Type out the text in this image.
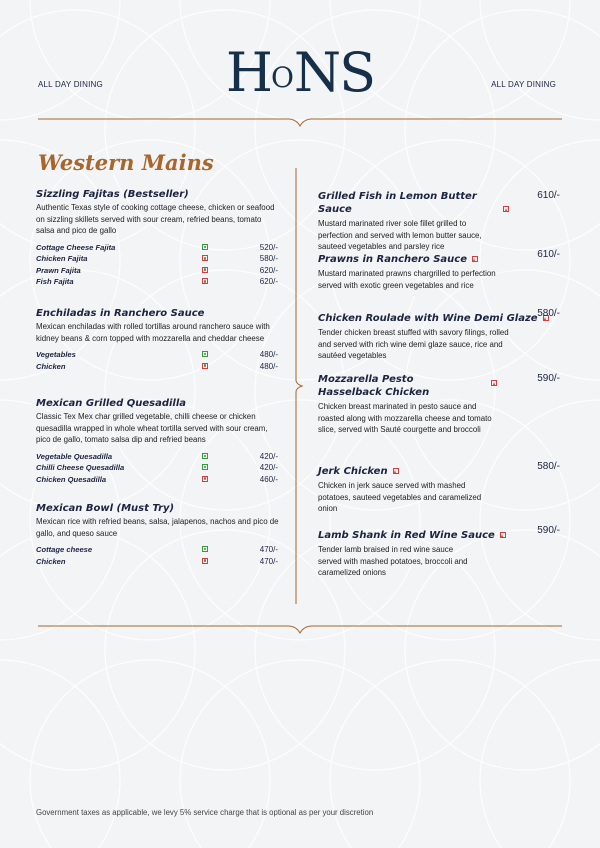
HONS
ALL DAY DINING	ALL DAY DINING
Western Mains
Sizzling Fajitas (Bestseller)
Authentic Texas style of cooking cottage cheese, chicken or seafood on sizzling skillets served with sour cream, refried beans, tomato salsa and pico de gallo
Cottage Cheese Fajita	520/-
Chicken Fajita	580/-
Prawn Fajita	620/-
Fish Fajita	620/-
Enchiladas in Ranchero Sauce
Mexican enchiladas with rolled tortillas around ranchero sauce with kidney beans & corn topped with mozzarella and cheddar cheese
Vegetables	480/-
Chicken	480/-
Mexican Grilled Quesadilla
Classic Tex Mex char grilled vegetable, chilli cheese or chicken quesadilla wrapped in whole wheat tortilla served with sour cream, pico de gallo, tomato salsa dip and refried beans
Vegetable Quesadilla	420/-
Chilli Cheese Quesadilla	420/-
Chicken Quesadilla	460/-
Mexican Bowl (Must Try)
Mexican rice with refried beans, salsa, jalapenos, nachos and pico de gallo, and queso sauce
Cottage cheese	470/-
Chicken	470/-
Grilled Fish in Lemon Butter Sauce
610/-
Mustard marinated river sole fillet grilled to perfection and served with lemon butter sauce, sauteed vegetables and parsley rice
Prawns in Ranchero Sauce	610/-
Mustard marinated prawns chargrilled to perfection served with exotic green vegetables and rice
Chicken Roulade with Wine Demi Glaze 580/-
Tender chicken breast stuffed with savory filings, rolled and served with rich wine demi glaze sauce, rice and sautéed vegetables
Mozzarella Pesto Hasselback Chicken
590/-
Chicken breast marinated in pesto sauce and roasted along with mozzarella cheese and tomato slice, served with Sauté courgette and broccoli
Jerk Chicken	580/-
Chicken in jerk sauce served with mashed potatoes, sauteed vegetables and caramelized onion
Lamb Shank in Red Wine Sauce	590/-
Tender lamb braised in red wine sauce served with mashed potatoes, broccoli and caramelized onions
Government taxes as applicable, we levy 5% service charge that is optional as per your discretion
